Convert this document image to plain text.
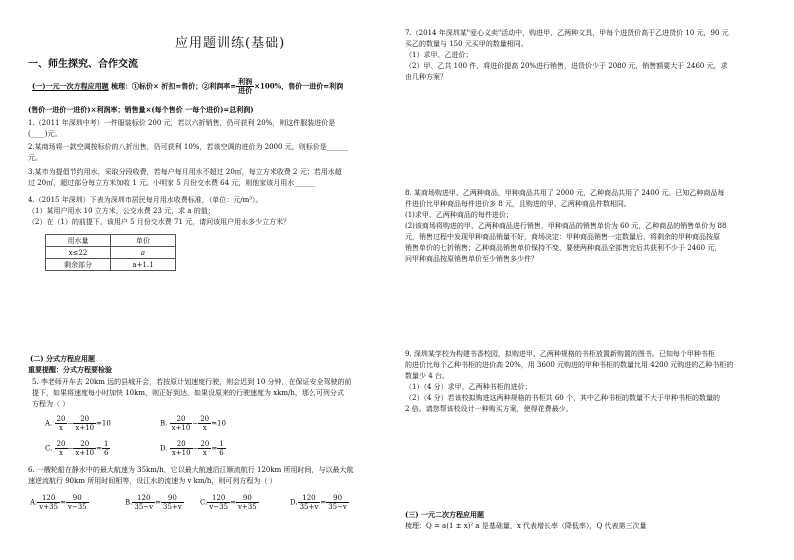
应用题训练(基础)
一、师生探究、合作交流
(一)一元一次方程应用题 梳理：①标价× 折扣=售价；②利润率= $\frac{\text{利润}}{\text{进价}} \times 100\%$，售价一进价=利润
(售价一进价一进价)×利润率；销售量×(每个售价 一每个进价)=总利润)
1.（2011 年深圳中考）一件服装标价 200 元，若以六折销售，仍可获利 20%，则这件服装进价是
(____)元。
2.某商场将一款空调按标价的八折出售，仍可获利 10%，若该空调的进价为 2000 元，则标价是______
元。
3.某市为提倡节约用水，采取分段收费，若每户每月用水不超过 20㎡，每立方米收费 2 元；若用水超
过 20㎡，超过部分每立方米加收 1 元。小明家 5 月份交水费 64 元，则他家该月用水______
4.（2015 年深圳）下表为深圳市居民每月用水收费标准，（单位：元/m³）。
（1）某用户用水 10 立方米，公交水费 23 元，求 a 的值；
（2）在（1）的前提下，该用户 5 月份交水费 71 元，请问该用户用水多少立方米？
用水量	单价
x≤22	a
剩余部分	a+1.1
(二) 分式方程应用题
重要提醒：分式方程要检验
5. 李老师开车去 20km 远的县城开会，若按原计划速度行驶，则会迟到 10 分钟，在保证安全驾驶的前
提下，如果将速度每小时加快 10km，则正好到达，如果设原来的行驶速度为 xkm/h，那么可列分式
方程为（ ）
A. $\frac{20}{x} - \frac{20}{x+10} =10$	B. $\frac{20}{x+10} - \frac{20}{x} =10$
C. $\frac{20}{x} - \frac{20}{x+10} = \frac{1}{6}$	D. $\frac{20}{x+10} - \frac{20}{x} = \frac{1}{6}$
6. 一艘轮船在静水中的最大航速为 35km/h，它以最大航速沿江顺流航行 120km 所用时间，与以最大航
速逆流航行 90km 所用时间相等，设江水的流速为 v km/h，则可列方程为（ ）
A. $\frac{120}{v+35} = \frac{90}{v-35}$	B. $\frac{120}{35-v} = \frac{90}{35+v} C$. $\frac{120}{v-35} = \frac{90}{v+35}$	D. $\frac{120}{35+v} = \frac{90}{35-v}$
7.（2014 年深圳某"爱心义卖"活动中，购进甲、乙两种文具，甲每个进货价高于乙进货价 10 元，90 元
买乙的数量与 150 元买甲的数量相同。
（1）求甲、乙进价；
（2）甲、乙共 100 件，将进价提高 20%进行销售，进货价少于 2080 元，销售额要大于 2460 元，求
由几种方案？
8. 某商场购进甲、乙两种商品，甲种商品共用了 2000 元，乙种商品共用了 2400 元。已知乙种商品每
件进价比甲种商品每件进价多 8 元，且购进的甲、乙两种商品件数相同。
(1)求甲、乙两种商品的每件进价；
(2)该商场将购进的甲、乙两种商品进行销售，甲种商品的销售单价为 60 元，乙种商品的销售单价为 88
元，销售过程中发现甲种商品销量不好，商场决定：甲种商品销售一定数量后，将剩余的甲种商品按原
销售单价的七折销售；乙种商品销售单价保持不变，要使两种商品全部售完后共获利不少于 2460 元，
问甲种商品按原销售单价至少销售多少件？
9. 深圳某学校为构建书香校园，拟购进甲、乙两种规格的书柜放置新购置的图书。已知每个甲种书柜
的进价比每个乙种书柜的进价高 20%，用 3600 元购进的甲种书柜的数量比用 4200 元购进的乙种书柜的
数量少 4 台。
（1）（4 分）求甲、乙两种书柜的进价；
（2）（4 分）若该校拟购进这两种规格的书柜共 60 个，其中乙种书柜的数量不大于甲种书柜的数量的
2 倍。请您帮该校设计一种购买方案，使得花费最少。
(三) 一元二次方程应用题
梳理：Q = a(1 ± x)² a 是基础量，x 代表增长率（降低率），Q 代表第三次量
